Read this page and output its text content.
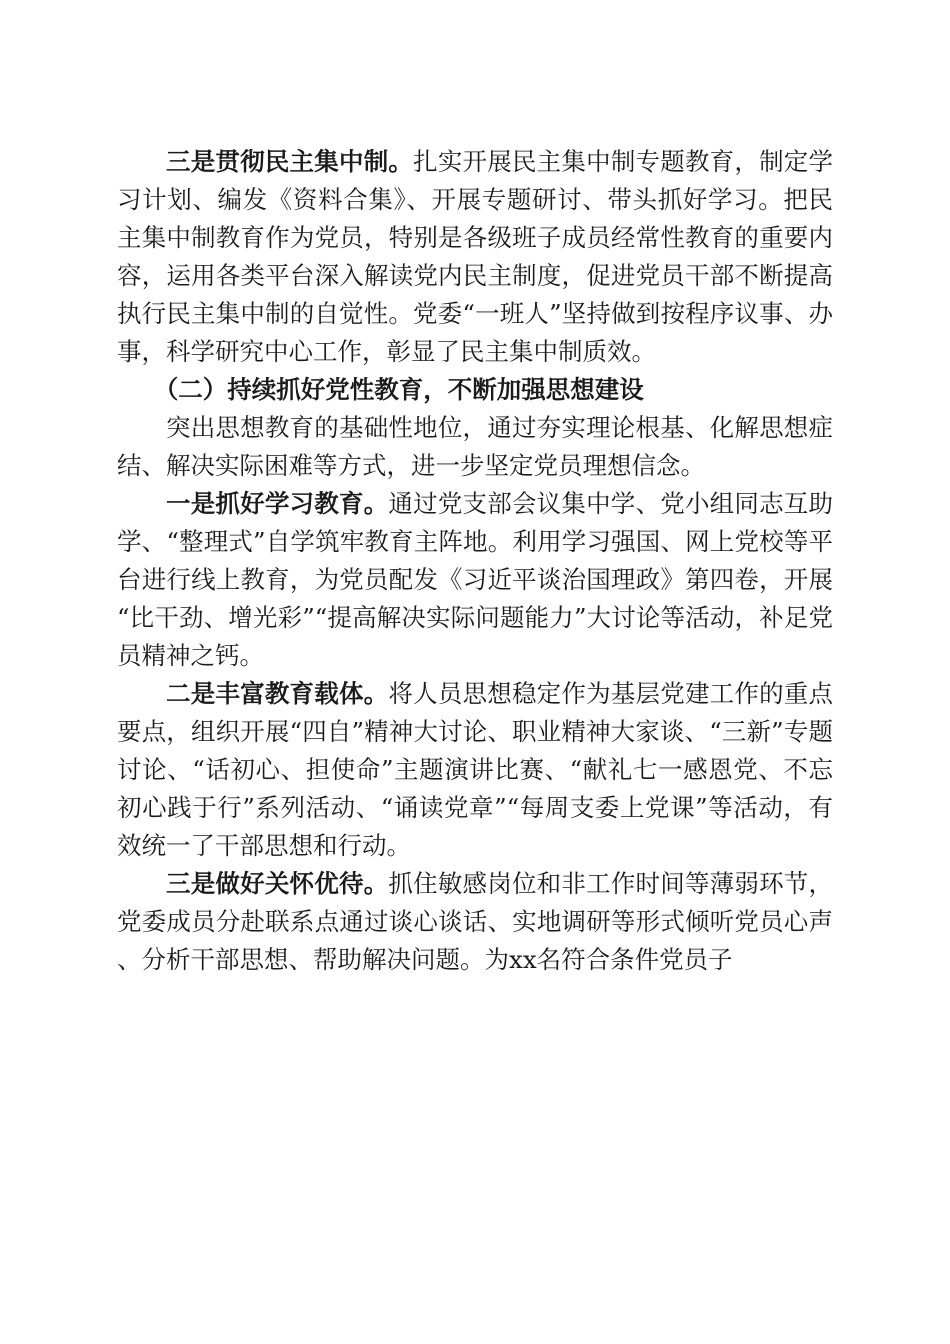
三是贯彻民主集中制。扎实开展民主集中制专题教育，制定学习计划、编发《资料合集》、开展专题研讨、带头抓好学习。把民主集中制教育作为党员，特别是各级班子成员经常性教育的重要内容，运用各类平台深入解读党内民主制度，促进党员干部不断提高执行民主集中制的自觉性。党委“一班人”坚持做到按程序议事、办事，科学研究中心工作，彰显了民主集中制质效。

（二）持续抓好党性教育，不断加强思想建设

突出思想教育的基础性地位，通过夯实理论根基、化解思想症结、解决实际困难等方式，进一步坚定党员理想信念。

一是抓好学习教育。通过党支部会议集中学、党小组同志互助学、“整理式”自学筑牢教育主阵地。利用学习强国、网上党校等平台进行线上教育，为党员配发《习近平谈治国理政》第四卷，开展“比干劲、增光彩”“提高解决实际问题能力”大讨论等活动，补足党员精神之钙。

二是丰富教育载体。将人员思想稳定作为基层党建工作的重点要点，组织开展“四自”精神大讨论、职业精神大家谈、“三新”专题讨论、“话初心、担使命”主题演讲比赛、“献礼七一感恩党、不忘初心践于行”系列活动、“诵读党章”“每周支委上党课”等活动，有效统一了干部思想和行动。

三是做好关怀优待。抓住敏感岗位和非工作时间等薄弱环节，党委成员分赴联系点通过谈心谈话、实地调研等形式倾听党员心声、分析干部思想、帮助解决问题。为xx名符合条件党员子
